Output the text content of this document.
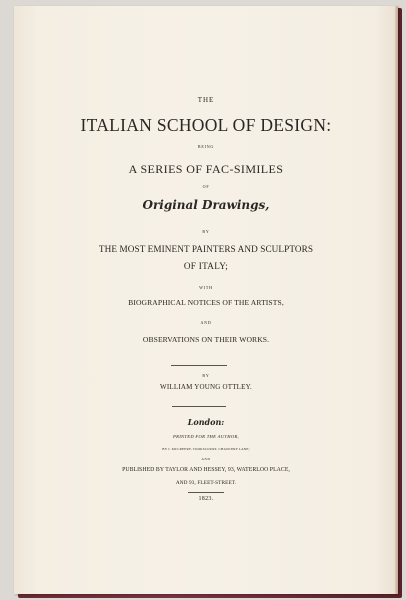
THE
ITALIAN SCHOOL OF DESIGN:
BEING
A SERIES OF FAC-SIMILES
OF
Original Drawings,
BY
THE MOST EMINENT PAINTERS AND SCULPTORS
OF ITALY;
WITH
BIOGRAPHICAL NOTICES OF THE ARTISTS,
AND
OBSERVATIONS ON THEIR WORKS.
BY
WILLIAM YOUNG OTTLEY.
London:
PRINTED FOR THE AUTHOR,
BY J. MCCREERY, TOOKSCOURT, CHANCERY LANE;
AND
PUBLISHED BY TAYLOR AND HESSEY, 93, WATERLOO PLACE,
AND 93, FLEET-STREET.
1823.
